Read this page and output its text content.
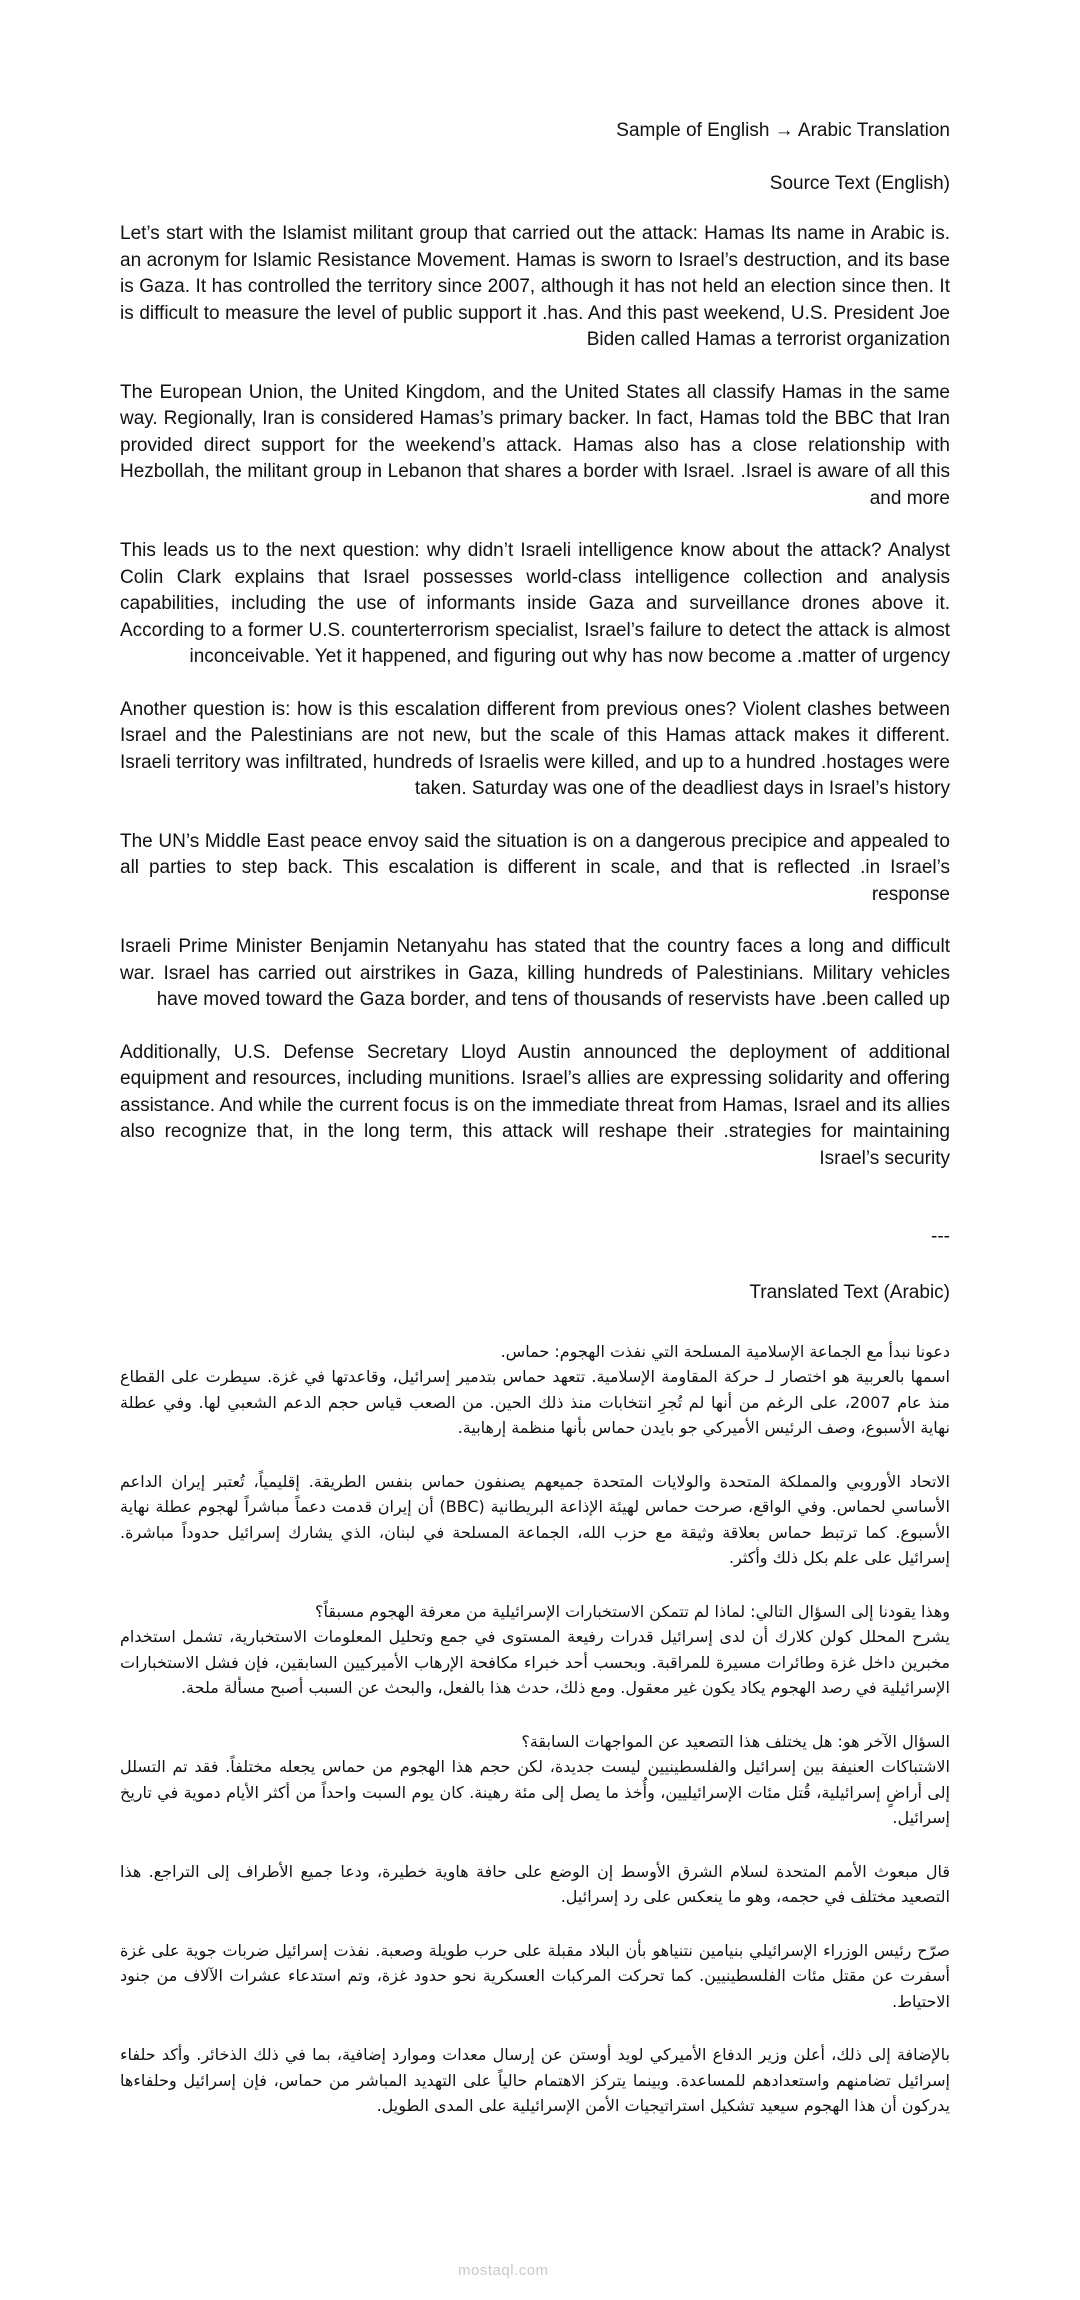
Sample of English → Arabic Translation

(Source Text (English

.Let’s start with the Islamist militant group that carried out the attack: Hamas Its name in Arabic is an acronym for Islamic Resistance Movement. Hamas is sworn to Israel’s destruction, and its base is Gaza. It has controlled the territory since 2007, although it has not held an election since then. It is difficult to measure the level of public support it .has. And this past weekend, U.S. President Joe Biden called Hamas a terrorist organization

The European Union, the United Kingdom, and the United States all classify Hamas in the same way. Regionally, Iran is considered Hamas’s primary backer. In fact, Hamas told the BBC that Iran provided direct support for the weekend’s attack. Hamas also has a close relationship with Hezbollah, the militant group in Lebanon that shares a border with Israel. .Israel is aware of all this and more

This leads us to the next question: why didn’t Israeli intelligence know about the attack? Analyst Colin Clark explains that Israel possesses world-class intelligence collection and analysis capabilities, including the use of informants inside Gaza and surveillance drones above it. According to a former U.S. counterterrorism specialist, Israel’s failure to detect the attack is almost inconceivable. Yet it happened, and figuring out why has now become a .matter of urgency

Another question is: how is this escalation different from previous ones? Violent clashes between Israel and the Palestinians are not new, but the scale of this Hamas attack makes it different. Israeli territory was infiltrated, hundreds of Israelis were killed, and up to a hundred .hostages were taken. Saturday was one of the deadliest days in Israel’s history

The UN’s Middle East peace envoy said the situation is on a dangerous precipice and appealed to all parties to step back. This escalation is different in scale, and that is reflected .in Israel’s response

Israeli Prime Minister Benjamin Netanyahu has stated that the country faces a long and difficult war. Israel has carried out airstrikes in Gaza, killing hundreds of Palestinians. Military vehicles have moved toward the Gaza border, and tens of thousands of reservists have .been called up

Additionally, U.S. Defense Secretary Lloyd Austin announced the deployment of additional equipment and resources, including munitions. Israel’s allies are expressing solidarity and offering assistance. And while the current focus is on the immediate threat from Hamas, Israel and its allies also recognize that, in the long term, this attack will reshape their .strategies for maintaining Israel’s security

---

(Translated Text (Arabic

دعونا نبدأ مع الجماعة الإسلامية المسلحة التي نفذت الهجوم: حماس.
اسمها بالعربية هو اختصار لـ حركة المقاومة الإسلامية. تتعهد حماس بتدمير إسرائيل، وقاعدتها في غزة. سيطرت على القطاع منذ عام 2007، على الرغم من أنها لم تُجرِ انتخابات منذ ذلك الحين. من الصعب قياس حجم الدعم الشعبي لها. وفي عطلة نهاية الأسبوع، وصف الرئيس الأميركي جو بايدن حماس بأنها منظمة إرهابية.

الاتحاد الأوروبي والمملكة المتحدة والولايات المتحدة جميعهم يصنفون حماس بنفس الطريقة. إقليمياً، تُعتبر إيران الداعم الأساسي لحماس. وفي الواقع، صرحت حماس لهيئة الإذاعة البريطانية (BBC) أن إيران قدمت دعماً مباشراً لهجوم عطلة نهاية الأسبوع. كما ترتبط حماس بعلاقة وثيقة مع حزب الله، الجماعة المسلحة في لبنان، الذي يشارك إسرائيل حدوداً مباشرة. إسرائيل على علم بكل ذلك وأكثر.

وهذا يقودنا إلى السؤال التالي: لماذا لم تتمكن الاستخبارات الإسرائيلية من معرفة الهجوم مسبقاً؟
يشرح المحلل كولن كلارك أن لدى إسرائيل قدرات رفيعة المستوى في جمع وتحليل المعلومات الاستخبارية، تشمل استخدام مخبرين داخل غزة وطائرات مسيرة للمراقبة. وبحسب أحد خبراء مكافحة الإرهاب الأميركيين السابقين، فإن فشل الاستخبارات الإسرائيلية في رصد الهجوم يكاد يكون غير معقول. ومع ذلك، حدث هذا بالفعل، والبحث عن السبب أصبح مسألة ملحة.

السؤال الآخر هو: هل يختلف هذا التصعيد عن المواجهات السابقة؟
الاشتباكات العنيفة بين إسرائيل والفلسطينيين ليست جديدة، لكن حجم هذا الهجوم من حماس يجعله مختلفاً. فقد تم التسلل إلى أراضٍ إسرائيلية، قُتل مئات الإسرائيليين، وأُخذ ما يصل إلى مئة رهينة. كان يوم السبت واحداً من أكثر الأيام دموية في تاريخ إسرائيل.

قال مبعوث الأمم المتحدة لسلام الشرق الأوسط إن الوضع على حافة هاوية خطيرة، ودعا جميع الأطراف إلى التراجع. هذا التصعيد مختلف في حجمه، وهو ما ينعكس على رد إسرائيل.

صرّح رئيس الوزراء الإسرائيلي بنيامين نتنياهو بأن البلاد مقبلة على حرب طويلة وصعبة. نفذت إسرائيل ضربات جوية على غزة أسفرت عن مقتل مئات الفلسطينيين. كما تحركت المركبات العسكرية نحو حدود غزة، وتم استدعاء عشرات الآلاف من جنود الاحتياط.

بالإضافة إلى ذلك، أعلن وزير الدفاع الأميركي لويد أوستن عن إرسال معدات وموارد إضافية، بما في ذلك الذخائر. وأكد حلفاء إسرائيل تضامنهم واستعدادهم للمساعدة. وبينما يتركز الاهتمام حالياً على التهديد المباشر من حماس، فإن إسرائيل وحلفاءها يدركون أن هذا الهجوم سيعيد تشكيل استراتيجيات الأمن الإسرائيلية على المدى الطويل.

mostaql.com
